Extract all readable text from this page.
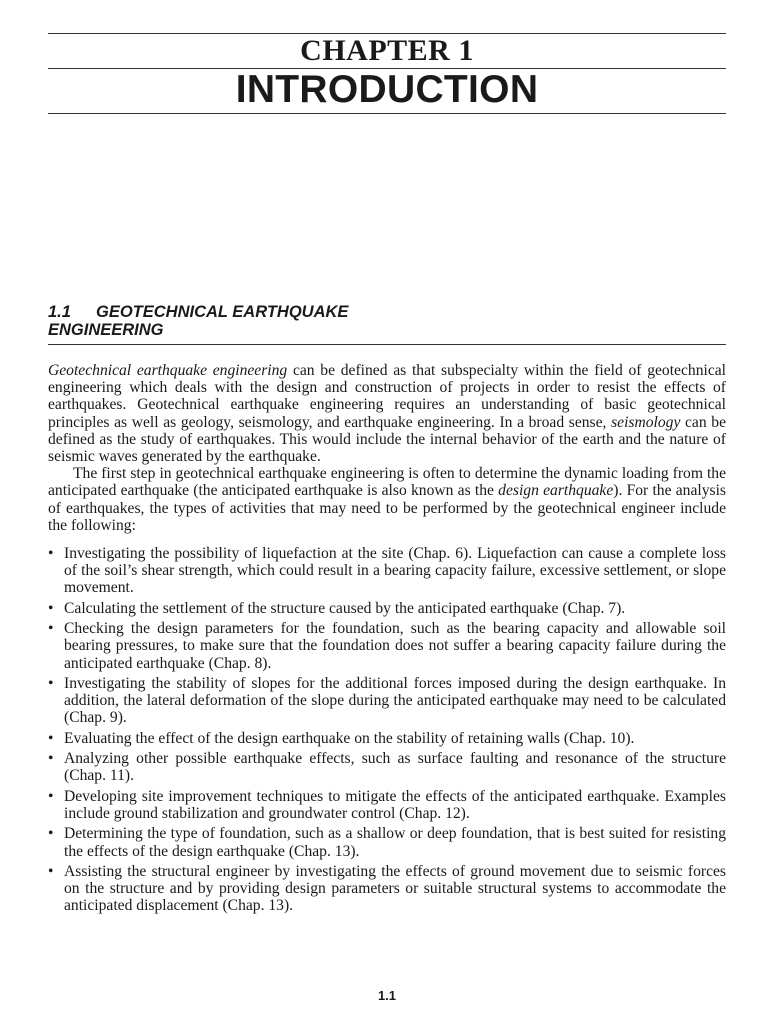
CHAPTER 1
INTRODUCTION
1.1 GEOTECHNICAL EARTHQUAKE
ENGINEERING

Geotechnical earthquake engineering can be defined as that subspecialty within the field of geotechnical engineering which deals with the design and construction of projects in order to resist the effects of earthquakes. Geotechnical earthquake engineering requires an understanding of basic geotechnical principles as well as geology, seismology, and earthquake engineering. In a broad sense, seismology can be defined as the study of earthquakes. This would include the internal behavior of the earth and the nature of seismic waves generated by the earthquake.

The first step in geotechnical earthquake engineering is often to determine the dynamic loading from the anticipated earthquake (the anticipated earthquake is also known as the design earthquake). For the analysis of earthquakes, the types of activities that may need to be performed by the geotechnical engineer include the following:

• Investigating the possibility of liquefaction at the site (Chap. 6). Liquefaction can cause a complete loss of the soil’s shear strength, which could result in a bearing capacity failure, excessive settlement, or slope movement.
• Calculating the settlement of the structure caused by the anticipated earthquake (Chap. 7).
• Checking the design parameters for the foundation, such as the bearing capacity and allowable soil bearing pressures, to make sure that the foundation does not suffer a bearing capacity failure during the anticipated earthquake (Chap. 8).
• Investigating the stability of slopes for the additional forces imposed during the design earthquake. In addition, the lateral deformation of the slope during the anticipated earthquake may need to be calculated (Chap. 9).
• Evaluating the effect of the design earthquake on the stability of retaining walls (Chap. 10).
• Analyzing other possible earthquake effects, such as surface faulting and resonance of the structure (Chap. 11).
• Developing site improvement techniques to mitigate the effects of the anticipated earthquake. Examples include ground stabilization and groundwater control (Chap. 12).
• Determining the type of foundation, such as a shallow or deep foundation, that is best suited for resisting the effects of the design earthquake (Chap. 13).
• Assisting the structural engineer by investigating the effects of ground movement due to seismic forces on the structure and by providing design parameters or suitable structural systems to accommodate the anticipated displacement (Chap. 13).
1.1
